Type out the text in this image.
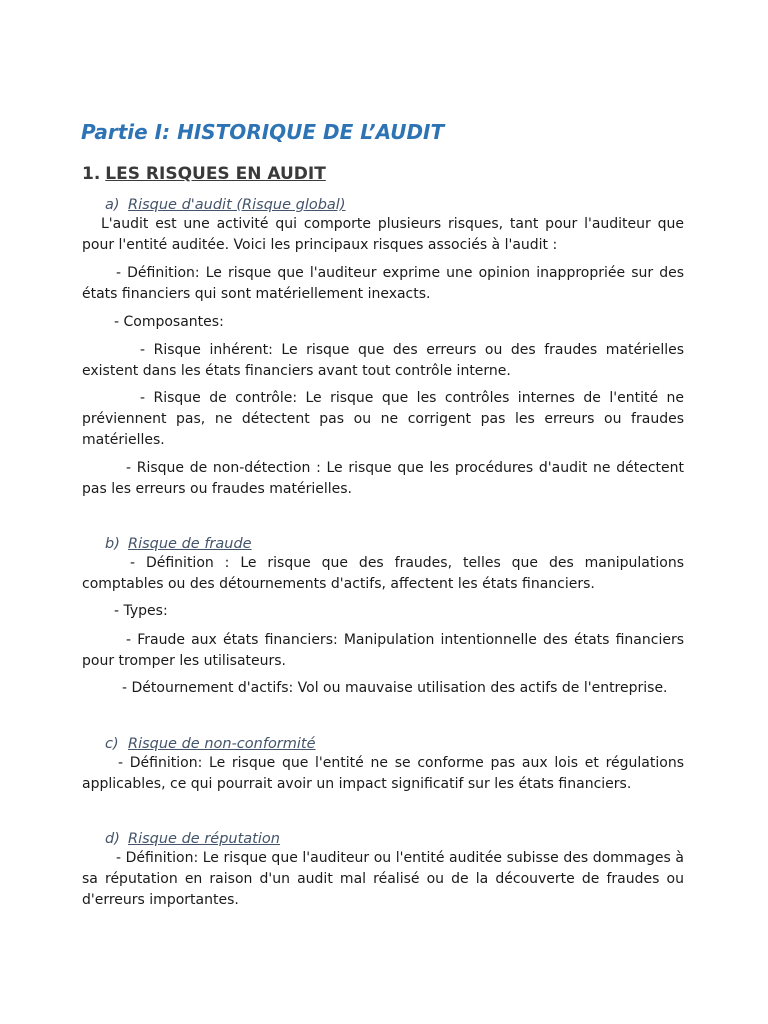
Partie I: HISTORIQUE DE L’AUDIT
1. LES RISQUES EN AUDIT
a) Risque d'audit (Risque global)

L'audit est une activité qui comporte plusieurs risques, tant pour l'auditeur que pour l'entité auditée. Voici les principaux risques associés à l'audit :

- Définition: Le risque que l'auditeur exprime une opinion inappropriée sur des états financiers qui sont matériellement inexacts.

- Composantes:

- Risque inhérent: Le risque que des erreurs ou des fraudes matérielles existent dans les états financiers avant tout contrôle interne.

- Risque de contrôle: Le risque que les contrôles internes de l'entité ne préviennent pas, ne détectent pas ou ne corrigent pas les erreurs ou fraudes matérielles.

- Risque de non-détection : Le risque que les procédures d'audit ne détectent pas les erreurs ou fraudes matérielles.

b) Risque de fraude

- Définition : Le risque que des fraudes, telles que des manipulations comptables ou des détournements d'actifs, affectent les états financiers.

- Types:

- Fraude aux états financiers: Manipulation intentionnelle des états financiers pour tromper les utilisateurs.

- Détournement d'actifs: Vol ou mauvaise utilisation des actifs de l'entreprise.

c) Risque de non-conformité

- Définition: Le risque que l'entité ne se conforme pas aux lois et régulations applicables, ce qui pourrait avoir un impact significatif sur les états financiers.

d) Risque de réputation

- Définition: Le risque que l'auditeur ou l'entité auditée subisse des dommages à sa réputation en raison d'un audit mal réalisé ou de la découverte de fraudes ou d'erreurs importantes.
